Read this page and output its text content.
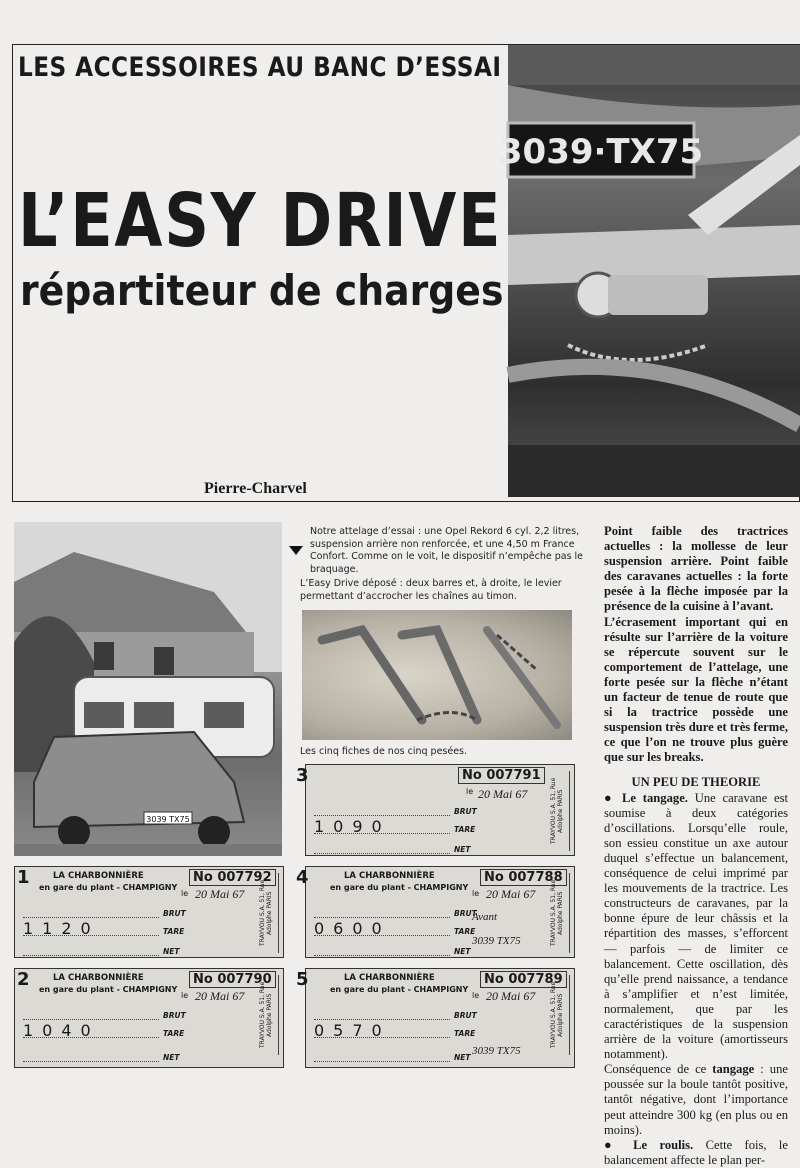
LES ACCESSOIRES AU BANC D’ESSAI
L’EASY DRIVE
répartiteur de charges
Pierre-Charvel
3039·TX75
3039 TX75
Notre attelage d’essai : une Opel Rekord 6 cyl. 2,2 litres, suspension arrière non renforcée, et une 4,50 m France Confort. Comme on le voit, le dispositif n’empêche pas le braquage.
L’Easy Drive déposé : deux barres et, à droite, le levier permettant d’accrocher les chaînes au timon.
Les cinq fiches de nos cinq pesées.
3	No 007791
le 20 Mai 67
1090
BRUT
TARE
NET
TRAYVOU S.A. 51, Rue Adolphe PARIS
1	LA CHARBONNIÈRE
en gare du plant - CHAMPIGNY
No 007792
le 20 Mai 67
1120
BRUT
TARE
NET
TRAYVOU S.A. 51, Rue Adolphe PARIS
4	LA CHARBONNIÈRE
en gare du plant - CHAMPIGNY
No 007788
le 20 Mai 67
0600
BRUT
TARE
NET
Avant
3039 TX75	TRAYVOU S.A. 51, Rue Adolphe PARIS
2	LA CHARBONNIÈRE
en gare du plant - CHAMPIGNY
No 007790
le 20 Mai 67
1040
BRUT
TARE
NET
TRAYVOU S.A. 51, Rue Adolphe PARIS
5	LA CHARBONNIÈRE
en gare du plant - CHAMPIGNY
No 007789
le 20 Mai 67
0570
BRUT
TARE
NET
3039 TX75
TRAYVOU S.A. 51, Rue Adolphe PARIS

Point faible des tractrices actuelles : la mollesse de leur suspension arrière. Point faible des caravanes actuelles : la forte pesée à la flèche imposée par la présence de la cuisine à l’avant.

L’écrasement important qui en résulte sur l’arrière de la voiture se répercute souvent sur le comportement de l’attelage, une forte pesée sur la flèche n’étant un facteur de tenue de route que si la tractrice possède une suspension très dure et très ferme, ce que l’on ne trouve plus guère que sur les breaks.

UN PEU DE THEORIE

● Le tangage. Une caravane est soumise à deux catégories d’oscillations. Lorsqu’elle roule, son essieu constitue un axe autour duquel s’effectue un balancement, conséquence de celui imprimé par les mouvements de la tractrice. Les constructeurs de caravanes, par la bonne épure de leur châssis et la répartition des masses, s’efforcent — parfois — de limiter ce balancement. Cette oscillation, dès qu’elle prend naissance, a tendance à s’amplifier et n’est limitée, normalement, que par les caractéristiques de la suspension arrière de la voiture (amortisseurs notamment).

Conséquence de ce tangage : une poussée sur la boule tantôt positive, tantôt négative, dont l’importance peut atteindre 300 kg (en plus ou en moins).

● Le roulis. Cette fois, le balancement affecte le plan per-
